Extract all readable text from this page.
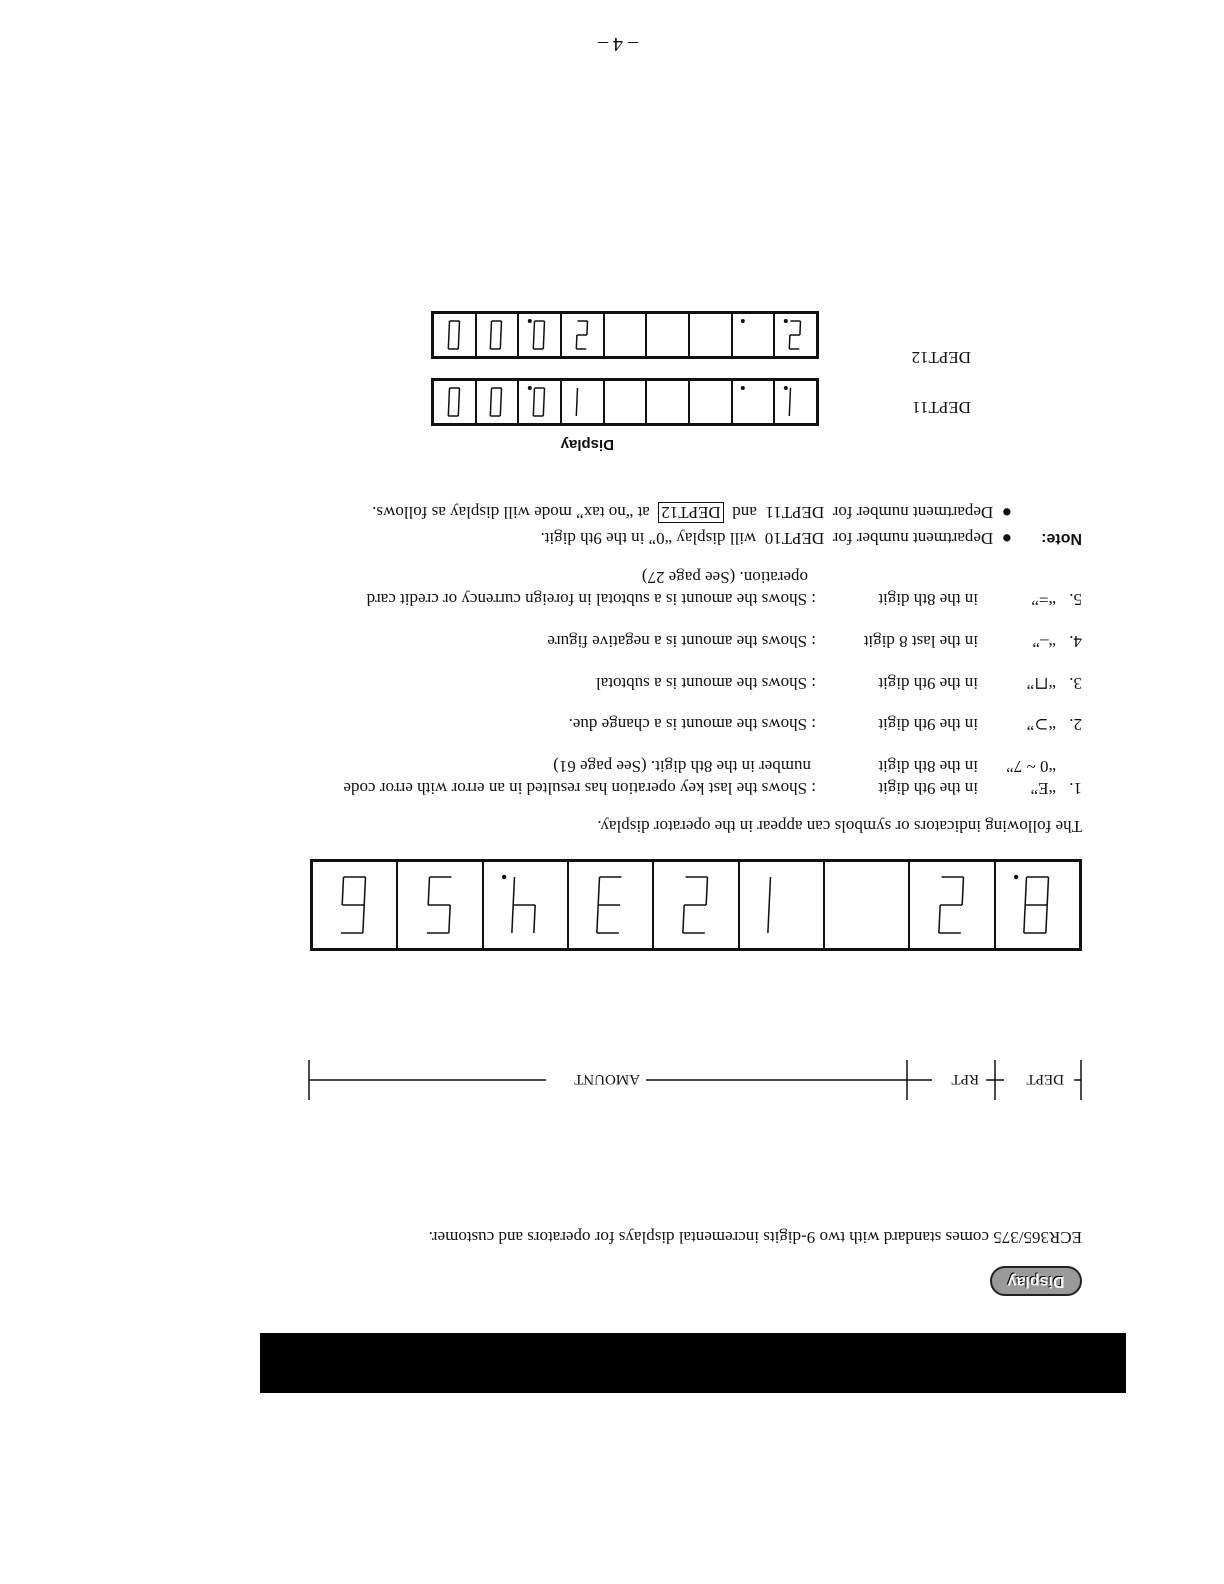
Display
ECR365/375 comes standard with two 9-digits incremental displays for operators and customer.
DEPT
RPT
AMOUNT
The following indicators or symbols can appear in the operator display.
1.
“E”
in the 9th digit
: Shows the last key operation has resulted in an error with error code
“0 ~ 7”
in the 8th digit
number in the 8th digit. (See page 61)
2.
“⊃”
in the 9th digit
: Shows the amount is a change due.
3.
“⊓”
in the 9th digit
: Shows the amount is a subtotal
4.
“–”
in the last 8 digit
: Shows the amount is a negative figure
5.
“=”
in the 8th digit
: Shows the amount is a subtotal in foreign currency or credit card
operation. (See page 27)
Note:
●  Department number for  DEPT10  will display “0” in the 9th digit.
●  Department number for  DEPT11  and  DEPT12  at “no tax” mode will display as follows.
Display
DEPT11
DEPT12
– 4 –
